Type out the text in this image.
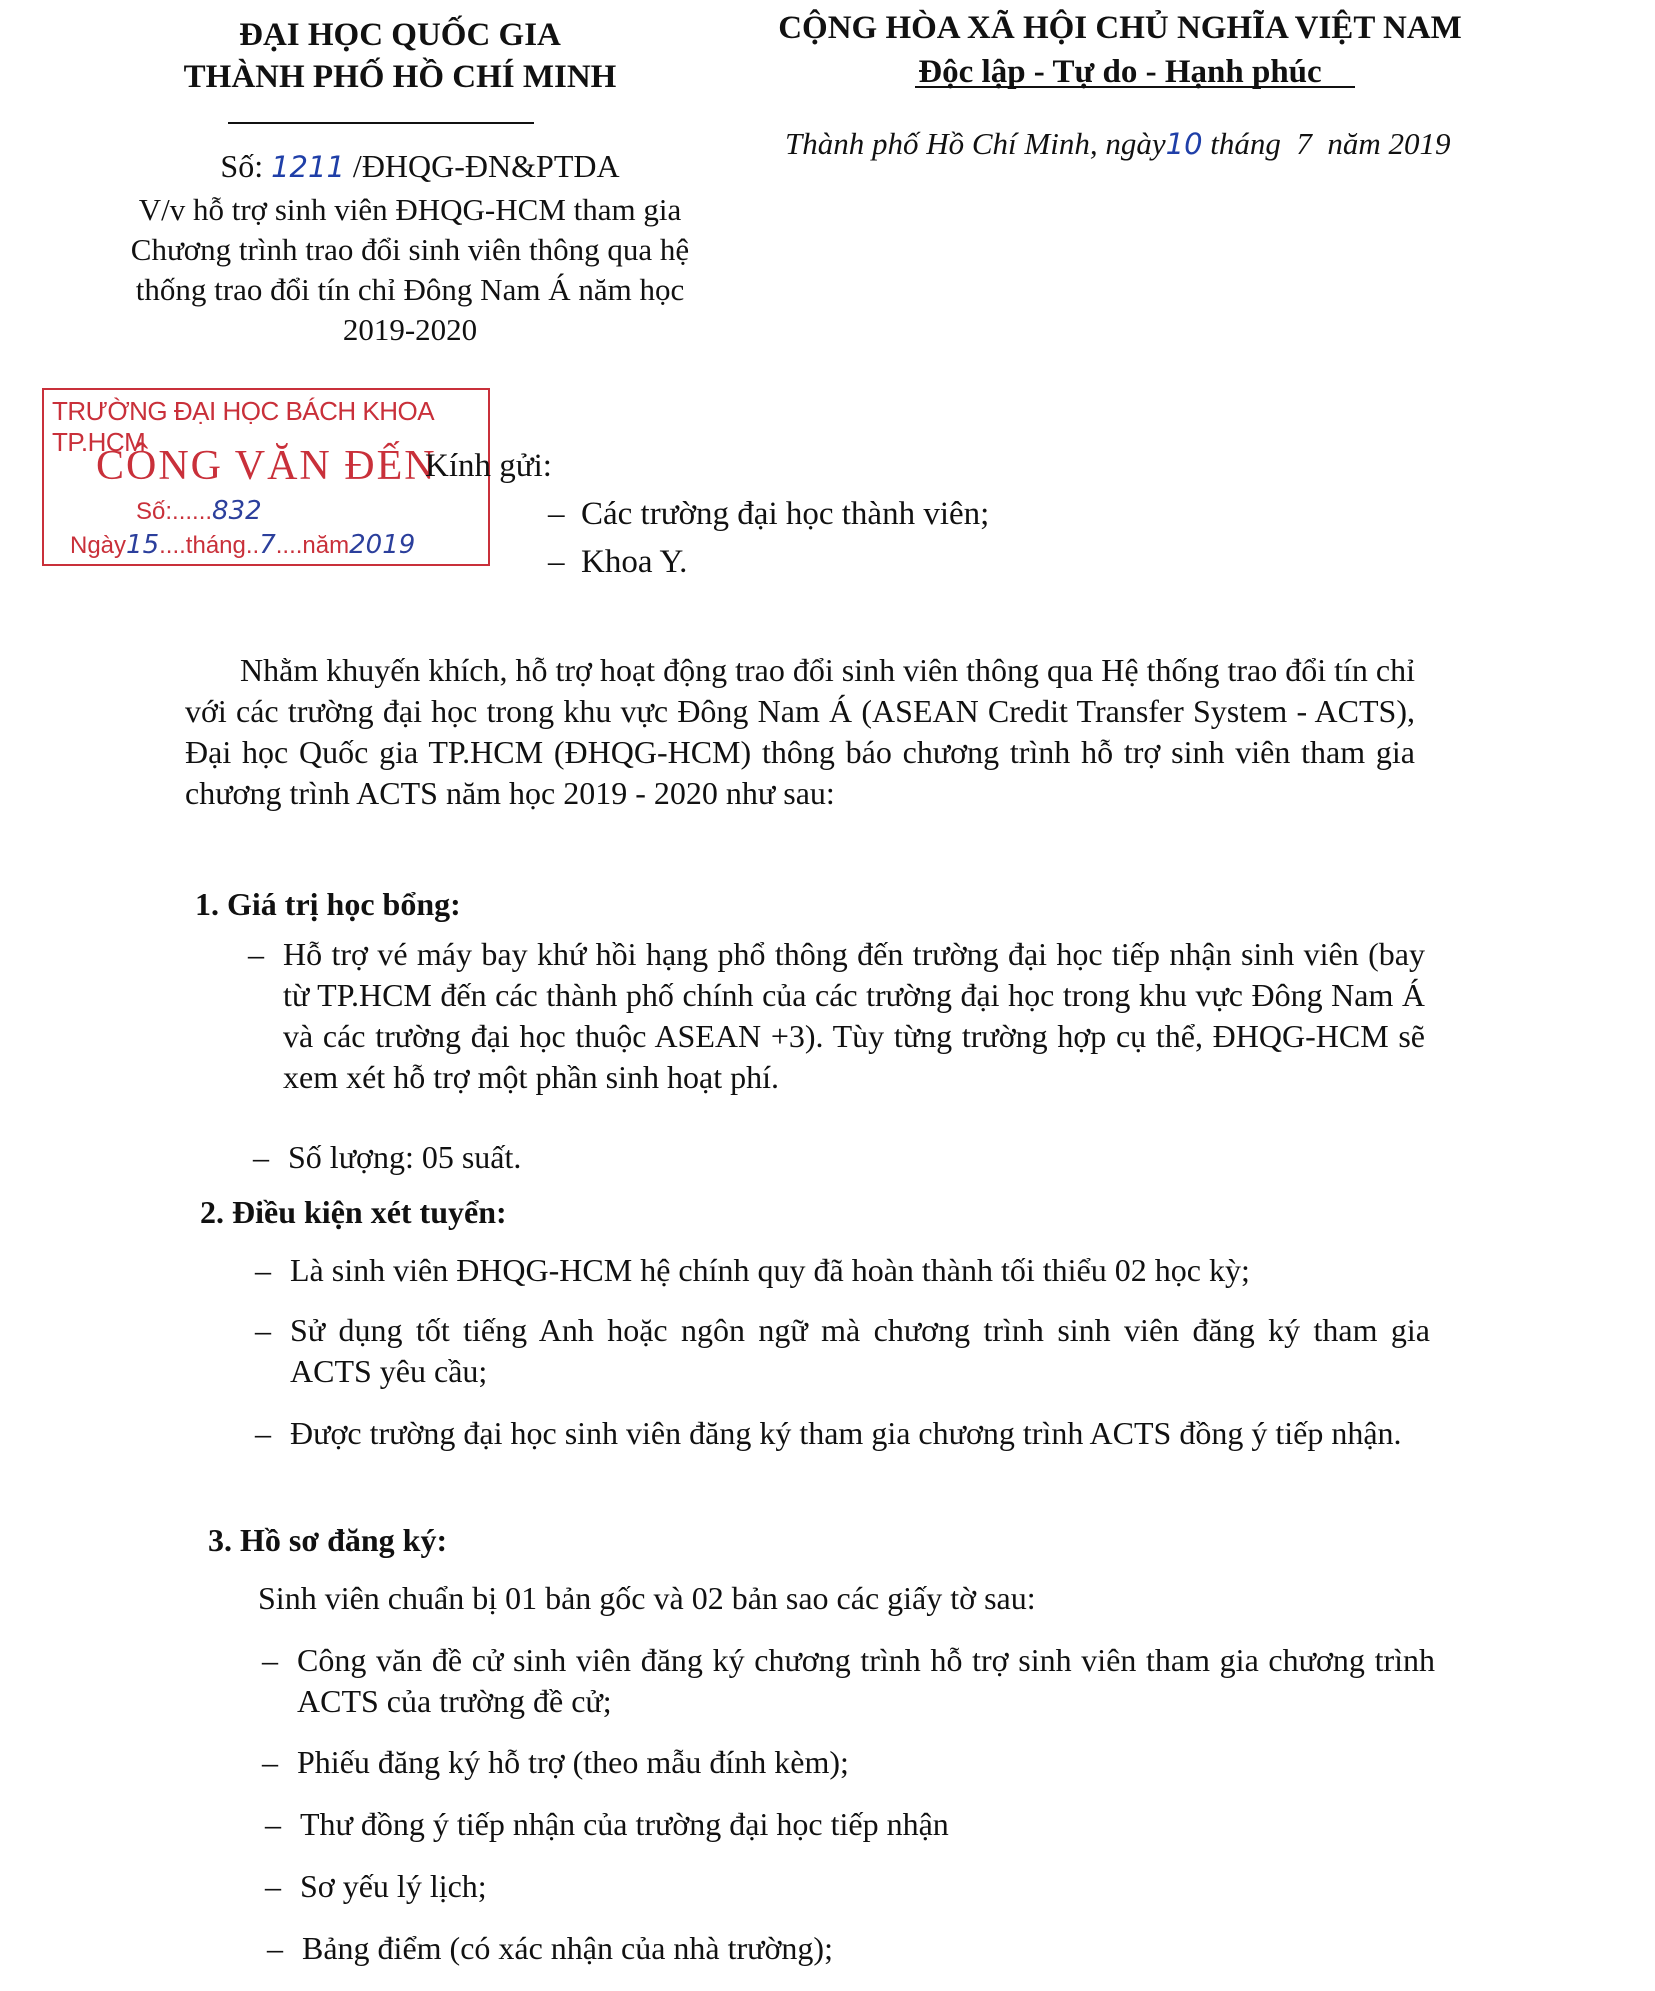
ĐẠI HỌC QUỐC GIA
THÀNH PHỐ HỒ CHÍ MINH
CỘNG HÒA XÃ HỘI CHỦ NGHĨA VIỆT NAM
Độc lập - Tự do - Hạnh phúc
Thành phố Hồ Chí Minh, ngày10 tháng 7 năm 2019
Số: 1211 /ĐHQG-ĐN&PTDA
V/v hỗ trợ sinh viên ĐHQG-HCM tham gia
Chương trình trao đổi sinh viên thông qua hệ
thống trao đổi tín chỉ Đông Nam Á năm học
2019-2020
TRƯỜNG ĐẠI HỌC BÁCH KHOA TP.HCM
CÔNG VĂN ĐẾN
Số:......832
Ngày15....tháng..7....năm2019
Kính gửi:
–  Các trường đại học thành viên;
–  Khoa Y.
Nhằm khuyến khích, hỗ trợ hoạt động trao đổi sinh viên thông qua Hệ thống trao đổi tín chỉ với các trường đại học trong khu vực Đông Nam Á (ASEAN Credit Transfer System - ACTS), Đại học Quốc gia TP.HCM (ĐHQG-HCM) thông báo chương trình hỗ trợ sinh viên tham gia chương trình ACTS năm học 2019 - 2020 như sau:
1. Giá trị học bổng:
– Hỗ trợ vé máy bay khứ hồi hạng phổ thông đến trường đại học tiếp nhận sinh viên (bay từ TP.HCM đến các thành phố chính của các trường đại học trong khu vực Đông Nam Á và các trường đại học thuộc ASEAN +3). Tùy từng trường hợp cụ thể, ĐHQG-HCM sẽ xem xét hỗ trợ một phần sinh hoạt phí.
– Số lượng: 05 suất.
2. Điều kiện xét tuyển:
– Là sinh viên ĐHQG-HCM hệ chính quy đã hoàn thành tối thiểu 02 học kỳ;
– Sử dụng tốt tiếng Anh hoặc ngôn ngữ mà chương trình sinh viên đăng ký tham gia ACTS yêu cầu;
– Được trường đại học sinh viên đăng ký tham gia chương trình ACTS đồng ý tiếp nhận.
3. Hồ sơ đăng ký:
Sinh viên chuẩn bị 01 bản gốc và 02 bản sao các giấy tờ sau:
– Công văn đề cử sinh viên đăng ký chương trình hỗ trợ sinh viên tham gia chương trình ACTS của trường đề cử;
– Phiếu đăng ký hỗ trợ (theo mẫu đính kèm);
– Thư đồng ý tiếp nhận của trường đại học tiếp nhận
– Sơ yếu lý lịch;
– Bảng điểm (có xác nhận của nhà trường);
